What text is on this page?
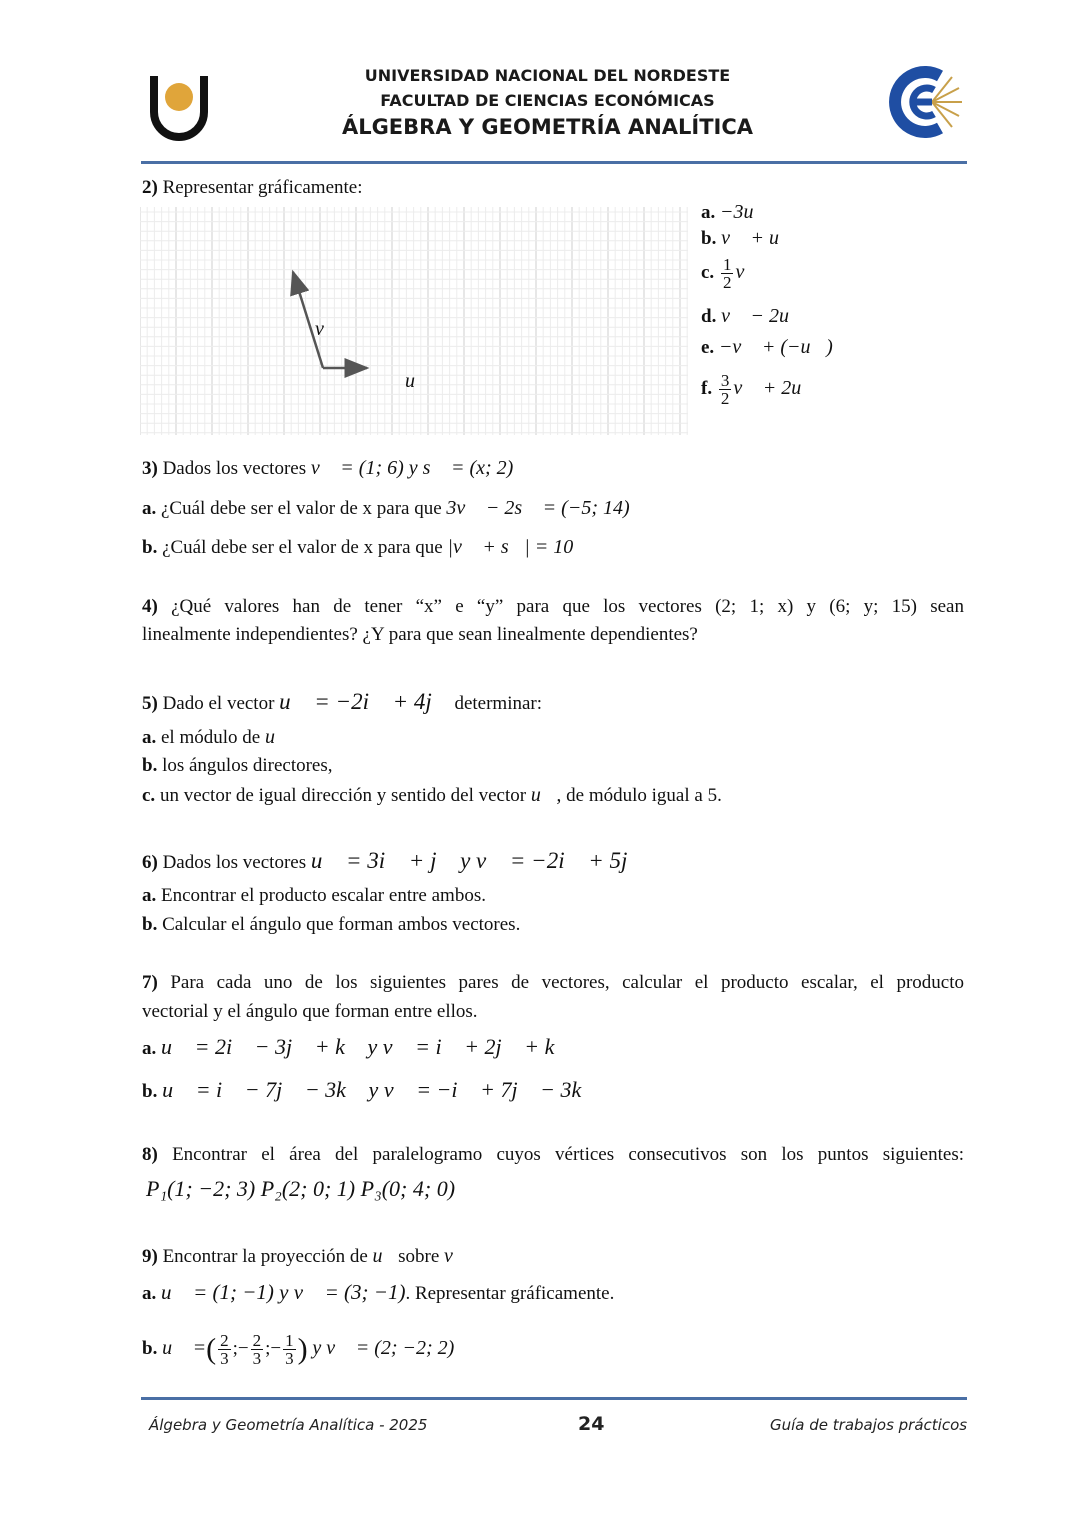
UNIVERSIDAD NACIONAL DEL NORDESTE
FACULTAD DE CIENCIAS ECONÓMICAS
ÁLGEBRA Y GEOMETRÍA ANALÍTICA
2) Representar gráficamente:
v⃗
u⃗
a. −3u⃗
b. v⃗ + u⃗
c. $\frac{1}{2}$ v⃗
d. v⃗ − 2u⃗
e. −v⃗ + (−u⃗)
f. $\frac{3}{2}$ v⃗ + 2u⃗
3) Dados los vectores v⃗ = (1; 6) y s⃗ = (x; 2)
a. ¿Cuál debe ser el valor de x para que 3v⃗ − 2s⃗ = (−5; 14)
b. ¿Cuál debe ser el valor de x para que |v⃗ + s⃗| = 10
4) ¿Qué valores han de tener “x” e “y” para que los vectores (2; 1; x) y (6; y; 15) sean
linealmente independientes? ¿Y para que sean linealmente dependientes?
5) Dado el vector u⃗ = −2i⃗ + 4j⃗ determinar:
a. el módulo de u⃗
b. los ángulos directores,
c. un vector de igual dirección y sentido del vector u⃗, de módulo igual a 5.
6) Dados los vectores u⃗ = 3i⃗ + j⃗ y v⃗ = −2i⃗ + 5j⃗
a. Encontrar el producto escalar entre ambos.
b. Calcular el ángulo que forman ambos vectores.
7) Para cada uno de los siguientes pares de vectores, calcular el producto escalar, el producto
vectorial y el ángulo que forman entre ellos.
a. u⃗ = 2i⃗ − 3j⃗ + k⃗ y v⃗ = i⃗ + 2j⃗ + k⃗
b. u⃗ = i⃗ − 7j⃗ − 3k⃗ y v⃗ = −i⃗ + 7j⃗ − 3k⃗
8) Encontrar el área del paralelogramo cuyos vértices consecutivos son los puntos siguientes:
P₁(1; −2; 3) P₂(2; 0; 1) P₃(0; 4; 0)
9) Encontrar la proyección de u⃗sobre v⃗
a. u⃗ = (1; −1) y v⃗ = (3; −1). Representar gráficamente.
b. u⃗ =( $\frac{2}{3}$ ;− $\frac{2}{3}$ ;− $\frac{1}{3}$ ) y v⃗ = (2; −2; 2)
Álgebra y Geometría Analítica - 2025	24	Guía de trabajos prácticos
